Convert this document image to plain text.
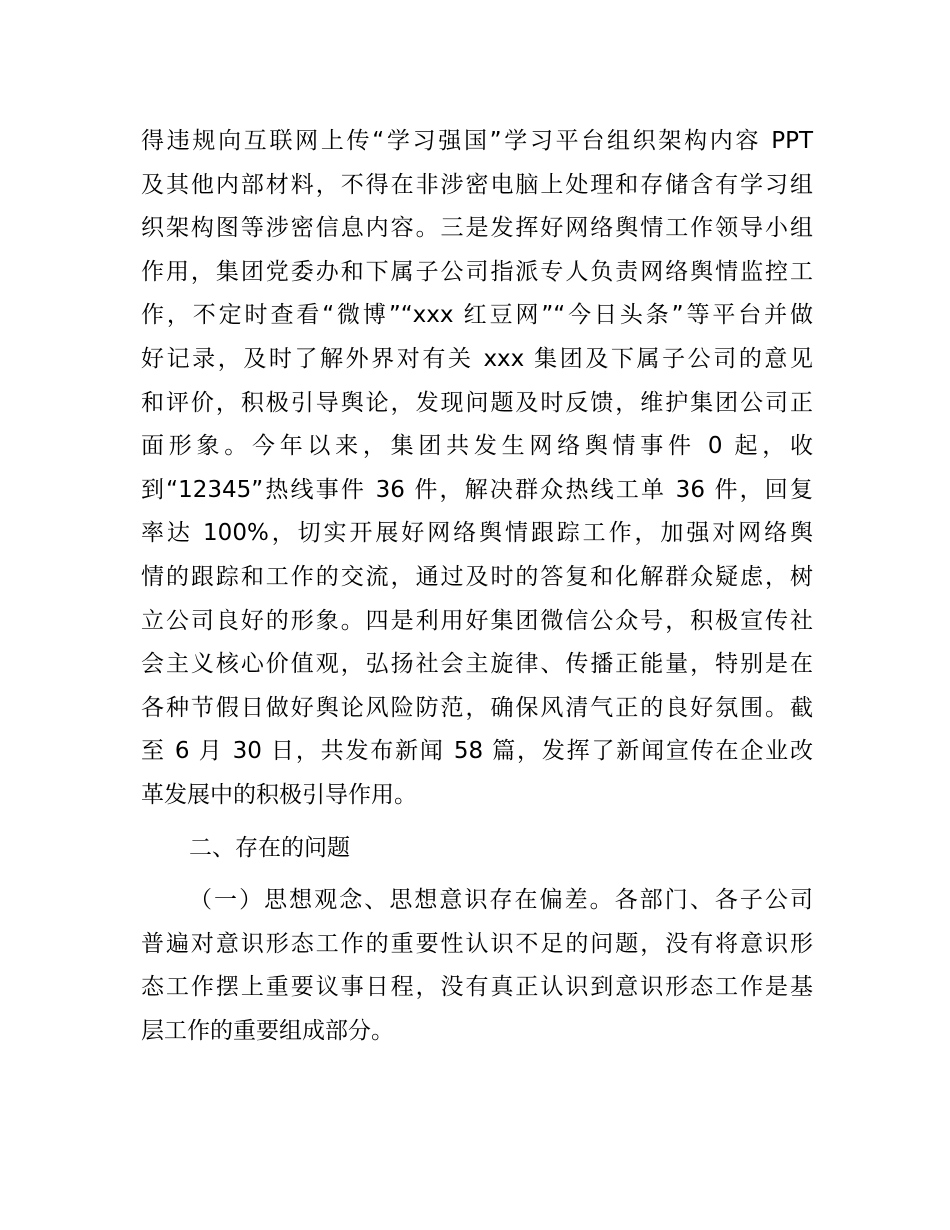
得违规向互联网上传“学习强国”学习平台组织架构内容 PPT
及其他内部材料，不得在非涉密电脑上处理和存储含有学习组
织架构图等涉密信息内容。三是发挥好网络舆情工作领导小组
作用，集团党委办和下属子公司指派专人负责网络舆情监控工
作，不定时查看“微博”“xxx 红豆网”“今日头条”等平台并做
好记录，及时了解外界对有关 xxx 集团及下属子公司的意见
和评价，积极引导舆论，发现问题及时反馈，维护集团公司正
面形象。今年以来，集团共发生网络舆情事件 0 起，收
到“12345”热线事件 36 件，解决群众热线工单 36 件，回复
率达 100%，切实开展好网络舆情跟踪工作，加强对网络舆
情的跟踪和工作的交流，通过及时的答复和化解群众疑虑，树
立公司良好的形象。四是利用好集团微信公众号，积极宣传社
会主义核心价值观，弘扬社会主旋律、传播正能量，特别是在
各种节假日做好舆论风险防范，确保风清气正的良好氛围。截
至 6 月 30 日，共发布新闻 58 篇，发挥了新闻宣传在企业改
革发展中的积极引导作用。

二、存在的问题

（一）思想观念、思想意识存在偏差。各部门、各子公司
普遍对意识形态工作的重要性认识不足的问题，没有将意识形
态工作摆上重要议事日程，没有真正认识到意识形态工作是基
层工作的重要组成部分。
